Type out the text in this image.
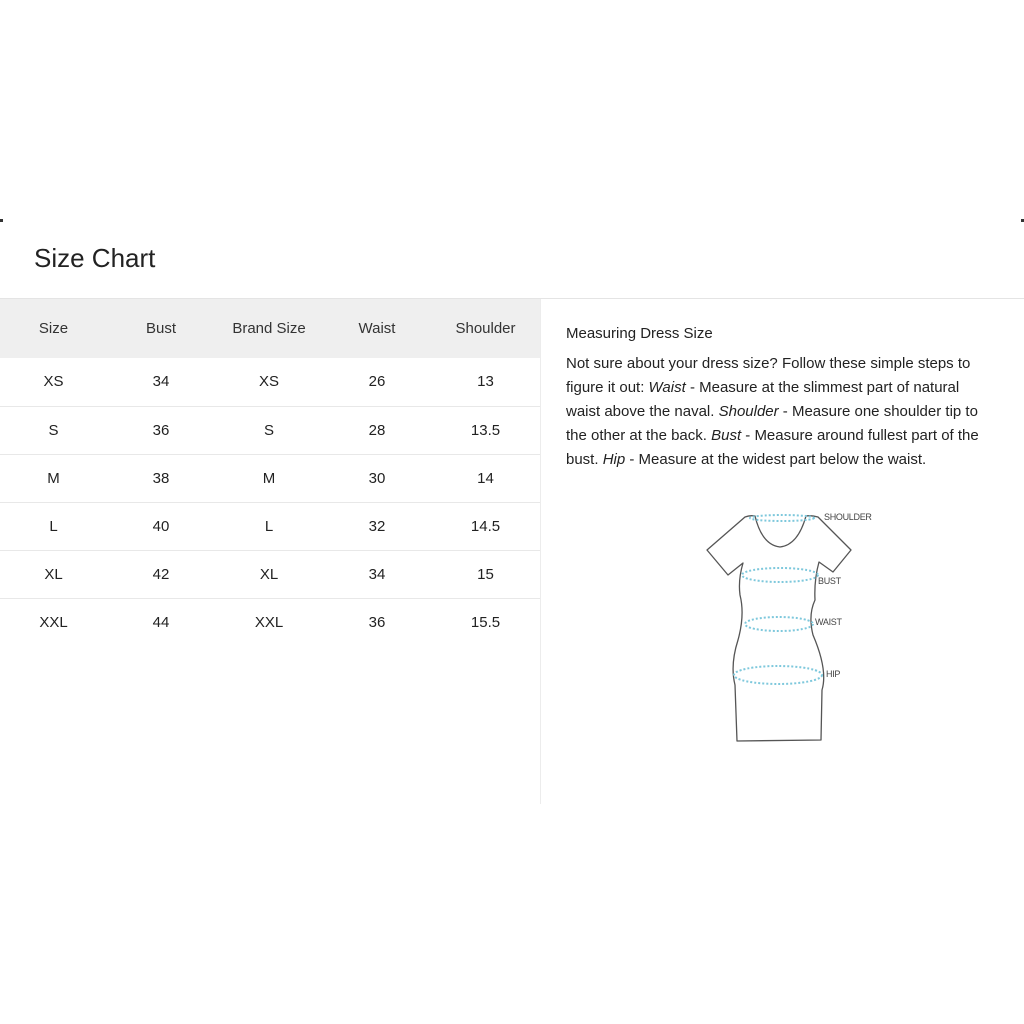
Size Chart
Size	Bust	Brand Size	Waist	Shoulder
XS	34	XS	26	13
S	36	S	28	13.5
M	38	M	30	14
L	40	L	32	14.5
XL	42	XL	34	15
XXL	44	XXL	36	15.5
Measuring Dress Size

Not sure about your dress size? Follow these simple steps to figure it out: Waist - Measure at the slimmest part of natural waist above the naval. Shoulder - Measure one shoulder tip to the other at the back. Bust - Measure around fullest part of the bust. Hip - Measure at the widest part below the waist.

SHOULDER
BUST
WAIST
HIP
